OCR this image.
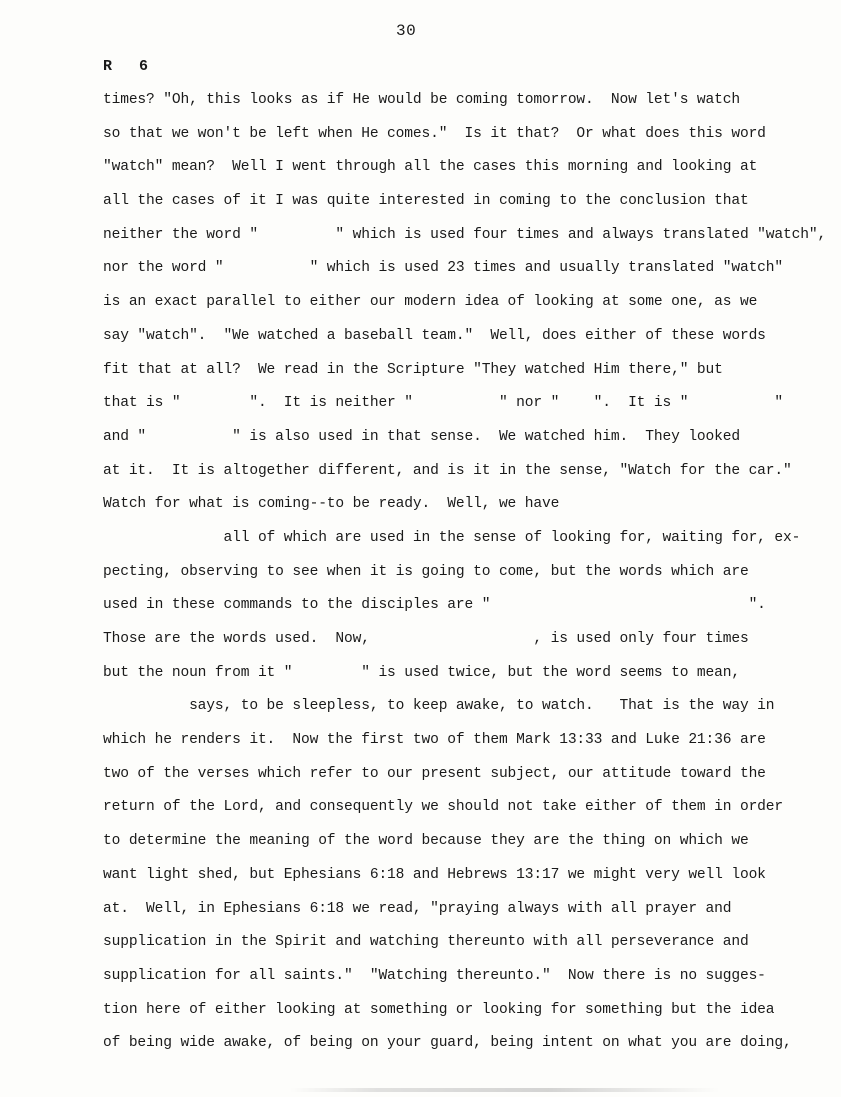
30
R 6
times? "Oh, this looks as if He would be coming tomorrow.  Now let's watch
so that we won't be left when He comes."  Is it that?  Or what does this word
"watch" mean?  Well I went through all the cases this morning and looking at
all the cases of it I was quite interested in coming to the conclusion that
neither the word "         " which is used four times and always translated "watch",
nor the word "          " which is used 23 times and usually translated "watch"
is an exact parallel to either our modern idea of looking at some one, as we
say "watch".  "We watched a baseball team."  Well, does either of these words
fit that at all?  We read in the Scripture "They watched Him there," but
that is "        ".  It is neither "          " nor "    ".  It is "          "
and "          " is also used in that sense.  We watched him.  They looked
at it.  It is altogether different, and is it in the sense, "Watch for the car."
Watch for what is coming--to be ready.  Well, we have
all of which are used in the sense of looking for, waiting for, ex-
pecting, observing to see when it is going to come, but the words which are
used in these commands to the disciples are "                              ".
Those are the words used.  Now,                   , is used only four times
but the noun from it "        " is used twice, but the word seems to mean,
says, to be sleepless, to keep awake, to watch.   That is the way in
which he renders it.  Now the first two of them Mark 13:33 and Luke 21:36 are
two of the verses which refer to our present subject, our attitude toward the
return of the Lord, and consequently we should not take either of them in order
to determine the meaning of the word because they are the thing on which we
want light shed, but Ephesians 6:18 and Hebrews 13:17 we might very well look
at.  Well, in Ephesians 6:18 we read, "praying always with all prayer and
supplication in the Spirit and watching thereunto with all perseverance and
supplication for all saints."  "Watching thereunto."  Now there is no sugges-
tion here of either looking at something or looking for something but the idea
of being wide awake, of being on your guard, being intent on what you are doing,
